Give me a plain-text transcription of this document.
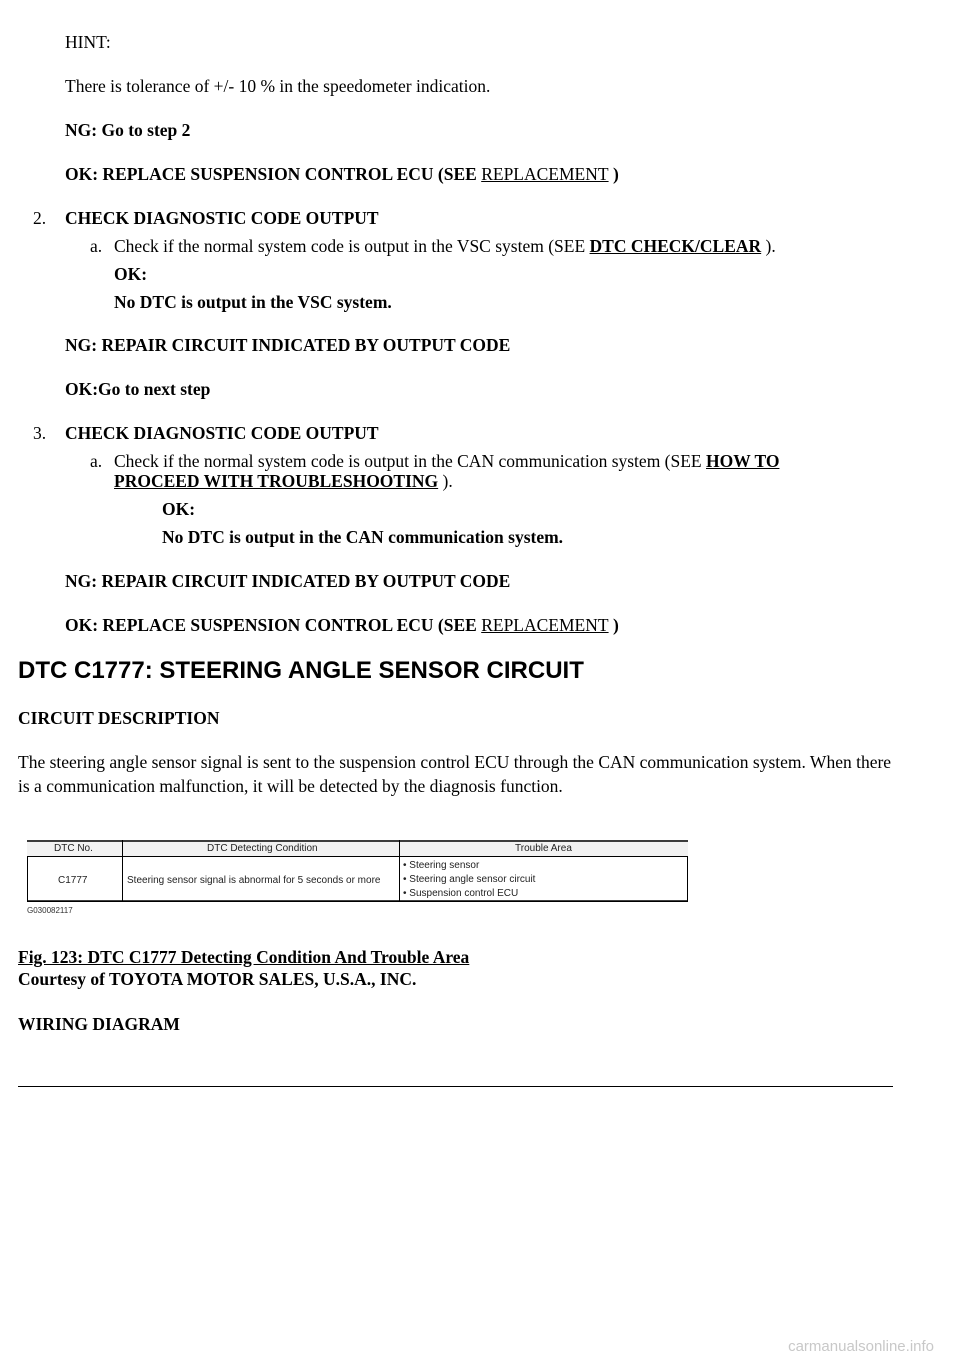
HINT:
There is tolerance of +/- 10 % in the speedometer indication.
NG: Go to step 2
OK: REPLACE SUSPENSION CONTROL ECU (SEE REPLACEMENT )
2. CHECK DIAGNOSTIC CODE OUTPUT
a. Check if the normal system code is output in the VSC system (SEE DTC CHECK/CLEAR ).
OK:
No DTC is output in the VSC system.
NG: REPAIR CIRCUIT INDICATED BY OUTPUT CODE
OK:Go to next step
3. CHECK DIAGNOSTIC CODE OUTPUT
a. Check if the normal system code is output in the CAN communication system (SEE HOW TO
PROCEED WITH TROUBLESHOOTING ).
OK:
No DTC is output in the CAN communication system.
NG: REPAIR CIRCUIT INDICATED BY OUTPUT CODE
OK: REPLACE SUSPENSION CONTROL ECU (SEE REPLACEMENT )
DTC C1777: STEERING ANGLE SENSOR CIRCUIT
CIRCUIT DESCRIPTION
The steering angle sensor signal is sent to the suspension control ECU through the CAN communication system. When there is a communication malfunction, it will be detected by the diagnosis function.
DTC No.	DTC Detecting Condition	Trouble Area
C1777	Steering sensor signal is abnormal for 5 seconds or more
• Steering sensor
• Steering angle sensor circuit
• Suspension control ECU
G030082117
Fig. 123: DTC C1777 Detecting Condition And Trouble Area
Courtesy of TOYOTA MOTOR SALES, U.S.A., INC.
WIRING DIAGRAM
carmanualsonline.info
